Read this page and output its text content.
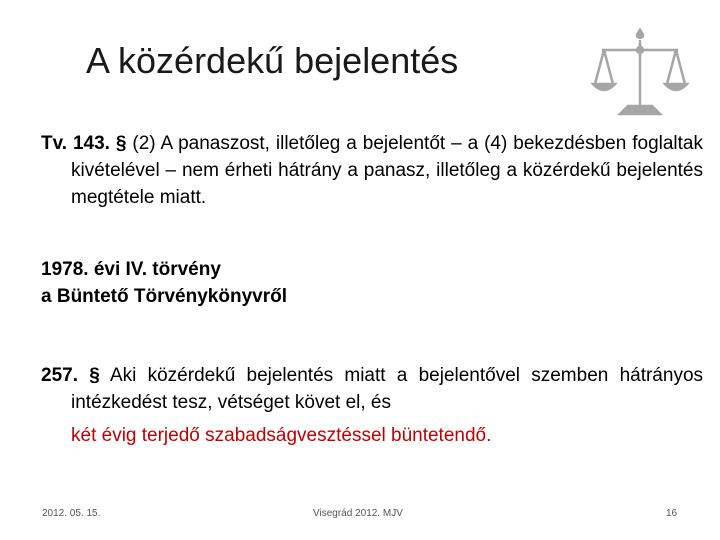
A közérdekű bejelentés
Tv. 143. § (2) A panaszost, illetőleg a bejelentőt – a (4) bekezdésben foglaltak kivételével – nem érheti hátrány a panasz, illetőleg a közérdekű bejelentés megtétele miatt.
1978. évi IV. törvény
a Büntető Törvénykönyvről
257. § Aki közérdekű bejelentés miatt a bejelentővel szemben hátrányos intézkedést tesz, vétséget követ el, és
két évig terjedő szabadságvesztéssel büntetendő.
2012. 05. 15.	Visegrád 2012. MJV	16
